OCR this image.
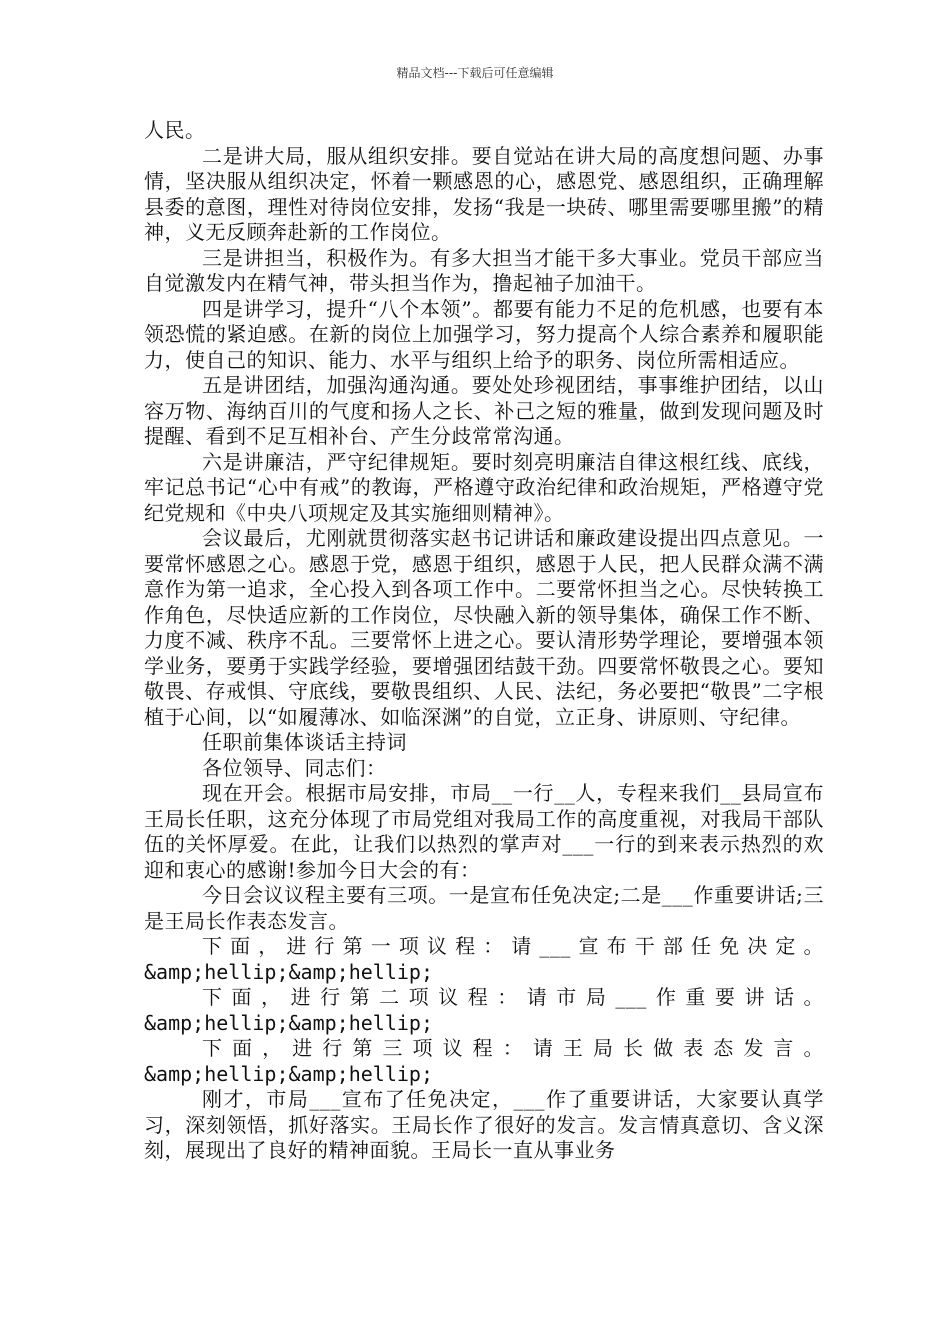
精品文档---下载后可任意编辑

人民。

二是讲大局，服从组织安排。要自觉站在讲大局的高度想问题、办事情，坚决服从组织决定，怀着一颗感恩的心，感恩党、感恩组织，正确理解县委的意图，理性对待岗位安排，发扬“我是一块砖、哪里需要哪里搬”的精神，义无反顾奔赴新的工作岗位。

三是讲担当，积极作为。有多大担当才能干多大事业。党员干部应当自觉激发内在精气神，带头担当作为，撸起袖子加油干。

四是讲学习，提升“八个本领”。都要有能力不足的危机感，也要有本领恐慌的紧迫感。在新的岗位上加强学习，努力提高个人综合素养和履职能力，使自己的知识、能力、水平与组织上给予的职务、岗位所需相适应。

五是讲团结，加强沟通沟通。要处处珍视团结，事事维护团结，以山容万物、海纳百川的气度和扬人之长、补己之短的雅量，做到发现问题及时提醒、看到不足互相补台、产生分歧常常沟通。

六是讲廉洁，严守纪律规矩。要时刻亮明廉洁自律这根红线、底线，牢记总书记“心中有戒”的教诲，严格遵守政治纪律和政治规矩，严格遵守党纪党规和《中央八项规定及其实施细则精神》。

会议最后，尤刚就贯彻落实赵书记讲话和廉政建设提出四点意见。一要常怀感恩之心。感恩于党，感恩于组织，感恩于人民，把人民群众满不满意作为第一追求，全心投入到各项工作中。二要常怀担当之心。尽快转换工作角色，尽快适应新的工作岗位，尽快融入新的领导集体，确保工作不断、力度不减、秩序不乱。三要常怀上进之心。要认清形势学理论，要增强本领学业务，要勇于实践学经验，要增强团结鼓干劲。四要常怀敬畏之心。要知敬畏、存戒惧、守底线，要敬畏组织、人民、法纪，务必要把“敬畏”二字根植于心间，以“如履薄冰、如临深渊”的自觉，立正身、讲原则、守纪律。

任职前集体谈话主持词

各位领导、同志们：

现在开会。根据市局安排，市局__一行__人，专程来我们__县局宣布王局长任职，这充分体现了市局党组对我局工作的高度重视，对我局干部队伍的关怀厚爱。在此，让我们以热烈的掌声对___一行的到来表示热烈的欢迎和衷心的感谢!参加今日大会的有：

今日会议议程主要有三项。一是宣布任免决定;二是___作重要讲话;三是王局长作表态发言。

下面，进行第一项议程：请___宣布干部任免决定。

&amp;hellip;&amp;hellip;

下面，进行第二项议程：请市局___作重要讲话。

&amp;hellip;&amp;hellip;

下面，进行第三项议程：请王局长做表态发言。

&amp;hellip;&amp;hellip;

刚才，市局___宣布了任免决定，___作了重要讲话，大家要认真学习，深刻领悟，抓好落实。王局长作了很好的发言。发言情真意切、含义深刻，展现出了良好的精神面貌。王局长一直从事业务
